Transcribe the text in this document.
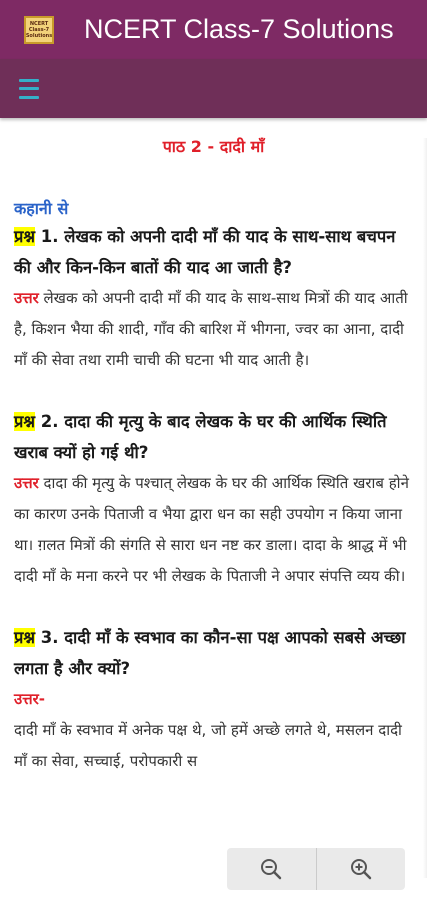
NCERT
Class-7
Solutions NCERT Class-7 Solutions
पाठ 2 - दादी माँ
कहानी से
प्रश्न 1. लेखक को अपनी दादी माँ की याद के साथ-साथ बचपन की और किन-किन बातों की याद आ जाती है?
उत्तर लेखक को अपनी दादी माँ की याद के साथ-साथ मित्रों की याद आती है, किशन भैया की शादी, गाँव की बारिश में भीगना, ज्वर का आना, दादी माँ की सेवा तथा रामी चाची की घटना भी याद आती है।
प्रश्न 2. दादा की मृत्यु के बाद लेखक के घर की आर्थिक स्थिति खराब क्यों हो गई थी?
उत्तर दादा की मृत्यु के पश्चात् लेखक के घर की आर्थिक स्थिति खराब होने का कारण उनके पिताजी व भैया द्वारा धन का सही उपयोग न किया जाना था। ग़लत मित्रों की संगति से सारा धन नष्ट कर डाला। दादा के श्राद्ध में भी दादी माँ के मना करने पर भी लेखक के पिताजी ने अपार संपत्ति व्यय की।
प्रश्न 3. दादी माँ के स्वभाव का कौन-सा पक्ष आपको सबसे अच्छा लगता है और क्यों?
उत्तर-
दादी माँ के स्वभाव में अनेक पक्ष थे, जो हमें अच्छे लगते थे, मसलन दादी माँ का सेवा, सच्चाई, परोपकारी स
